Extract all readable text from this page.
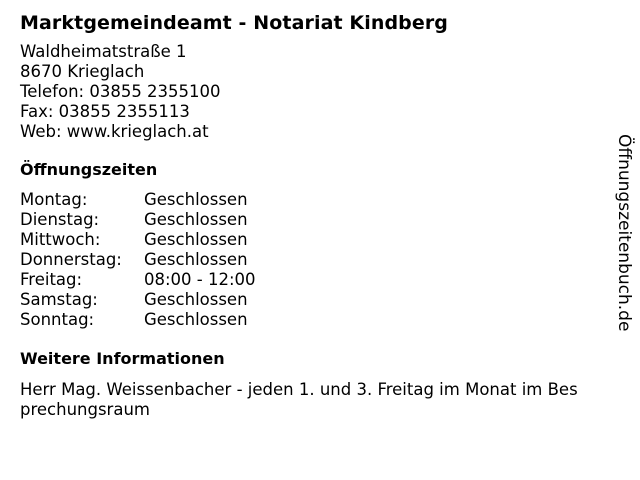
Marktgemeindeamt - Notariat Kindberg
Waldheimatstraße 1
8670 Krieglach
Telefon: 03855 2355100
Fax: 03855 2355113
Web: www.krieglach.at
Öffnungszeiten
Montag:	Geschlossen
Dienstag:	Geschlossen
Mittwoch:	Geschlossen
Donnerstag:	Geschlossen
Freitag:	08:00 - 12:00
Samstag:	Geschlossen
Sonntag:	Geschlossen
Weitere Informationen
Herr Mag. Weissenbacher - jeden 1. und 3. Freitag im Monat im Besprechungsraum
Öffnungszeitenbuch.de
